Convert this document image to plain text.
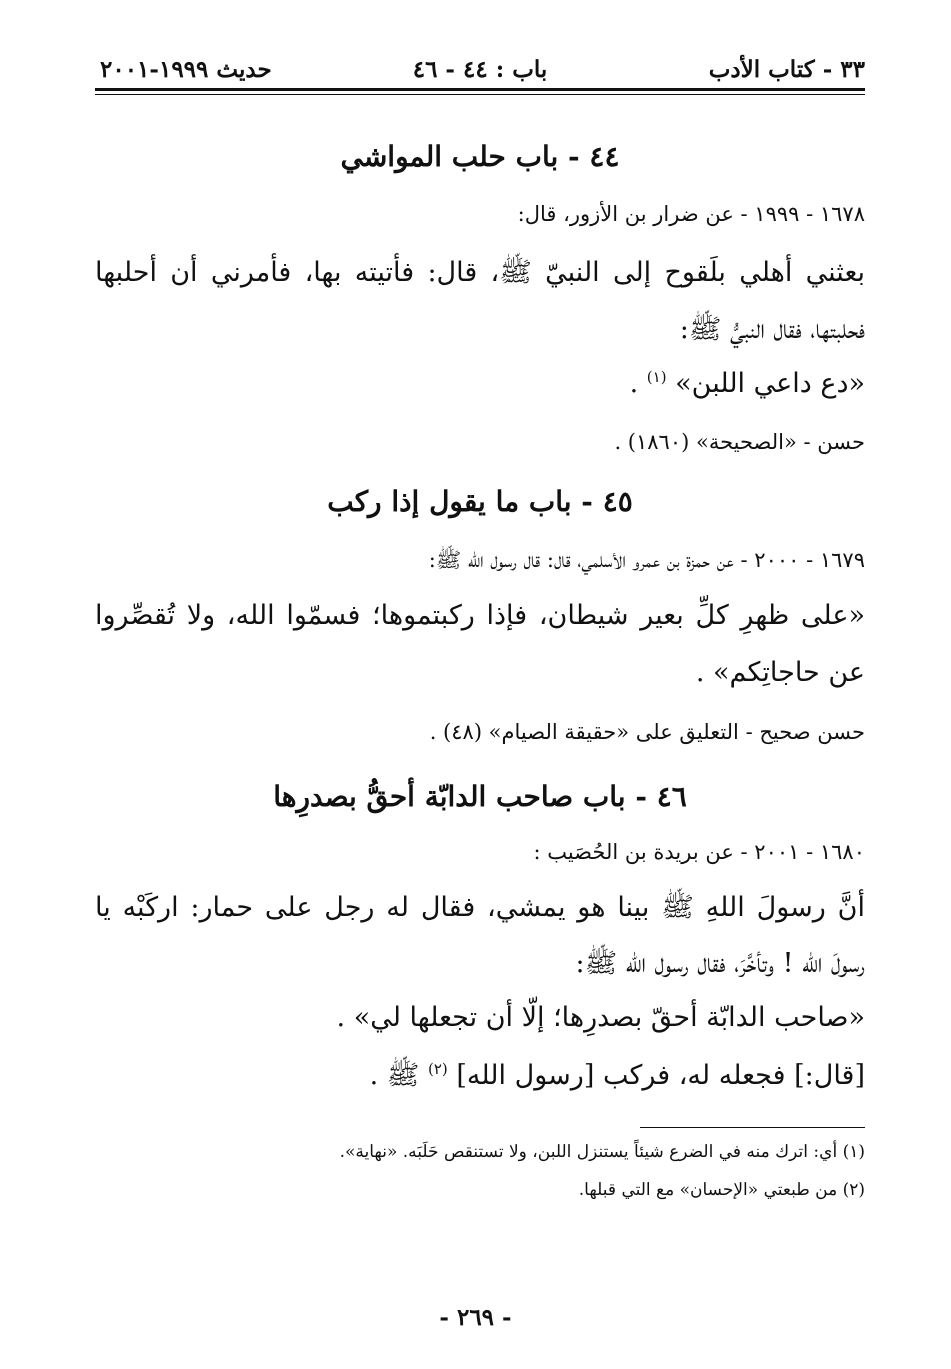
٣٣ - كتاب الأدب
باب : ٤٤ - ٤٦
حديث ١٩٩٩-٢٠٠١
٤٤ - باب حلب المواشي
١٦٧٨ - ١٩٩٩ - عن ضرار بن الأزور، قال:
بعثني أهلي بلَقوح إلى النبيّ ﷺ، قال: فأتيته بها، فأمرني أن أحلبها
فحلبتها، فقال النبيُّ ﷺ:
«دع داعي اللبن» $^{(١)}$ .
حسن - «الصحيحة» (١٨٦٠) .
٤٥ - باب ما يقول إذا ركب
١٦٧٩ - ٢٠٠٠ - عن حمزة بن عمرو الأسلمي، قال: قال رسول الله ﷺ:
«على ظهرِ كلِّ بعير شيطان، فإذا ركبتموها؛ فسمّوا الله، ولا تُقصِّروا
عن حاجاتِكم» .
حسن صحيح - التعليق على «حقيقة الصيام» (٤٨) .
٤٦ - باب صاحب الدابّة أحقُّ بصدرِها
١٦٨٠ - ٢٠٠١ - عن بريدة بن الحُصَيب :
أنَّ رسولَ اللهِ ﷺ بينا هو يمشي، فقال له رجل على حمار: اركَبْه يا
رسولَ الله ! وتأخَّرَ، فقال رسول الله ﷺ:
«صاحب الدابّة أحقّ بصدرِها؛ إلّا أن تجعلها لي» .
[قال:] فجعله له، فركب [رسول الله] $^{(٢)}$ ﷺ .
(١) أي: اترك منه في الضرع شيئاً يستنزل اللبن، ولا تستنقص حَلَبَه. «نهاية».
(٢) من طبعتي «الإحسان» مع التي قبلها.
- ٢٦٩ -
